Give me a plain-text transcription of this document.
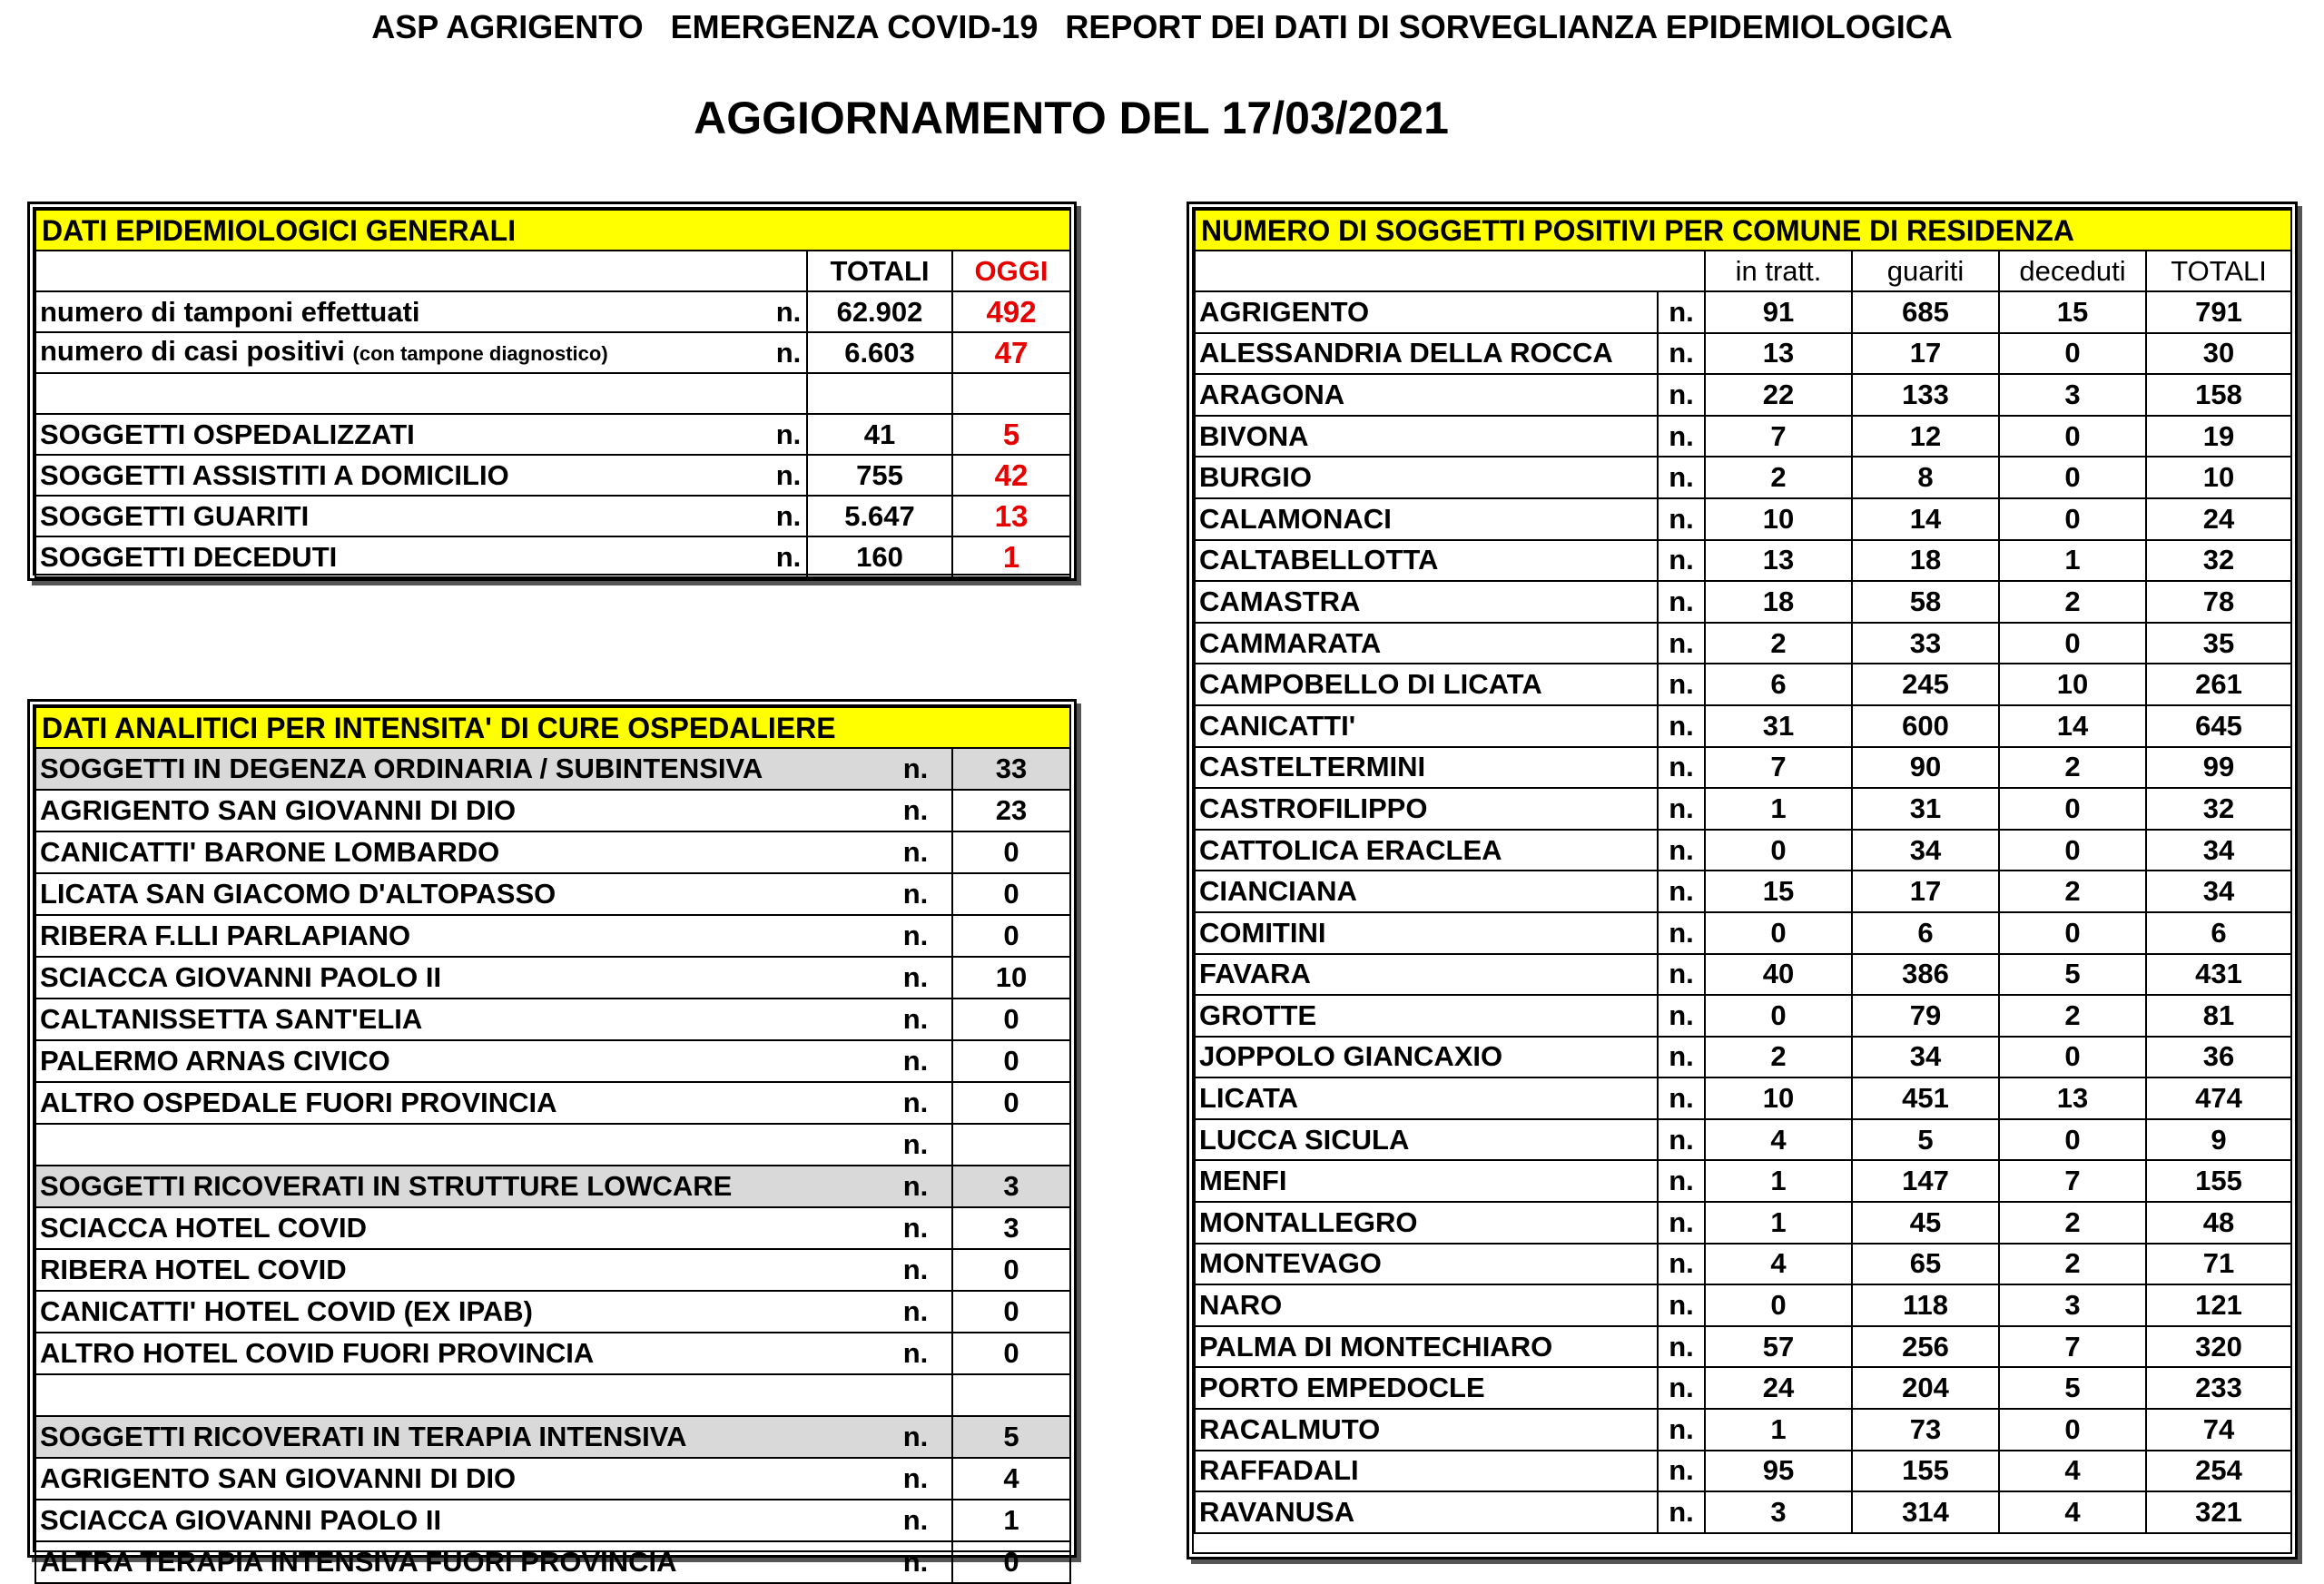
ASP AGRIGENTO   EMERGENZA COVID-19   REPORT DEI DATI DI SORVEGLIANZA EPIDEMIOLOGICA
AGGIORNAMENTO DEL 17/03/2021
DATI EPIDEMIOLOGICI GENERALI			
		TOTALI	OGGI
numero di tamponi effettuati	n.	62.902	492
numero di casi positivi (con tampone diagnostico)	n.	6.603	47

SOGGETTI OSPEDALIZZATI	n.	41	5
SOGGETTI ASSISTITI A DOMICILIO	n.	755	42
SOGGETTI GUARITI	n.	5.647	13
SOGGETTI DECEDUTI	n.	160	1
DATI ANALITICI PER INTENSITA' DI CURE OSPEDALIERE		
SOGGETTI IN DEGENZA ORDINARIA / SUBINTENSIVA	n.	33
AGRIGENTO SAN GIOVANNI DI DIO	n.	23
CANICATTI' BARONE LOMBARDO	n.	0
LICATA SAN GIACOMO D'ALTOPASSO	n.	0
RIBERA F.LLI PARLAPIANO	n.	0
SCIACCA GIOVANNI PAOLO II	n.	10
CALTANISSETTA SANT'ELIA	n.	0
PALERMO ARNAS CIVICO	n.	0
ALTRO OSPEDALE FUORI PROVINCIA	n.	0
	n.	
SOGGETTI RICOVERATI IN STRUTTURE LOWCARE	n.	3
SCIACCA HOTEL COVID	n.	3
RIBERA HOTEL COVID	n.	0
CANICATTI' HOTEL COVID (EX IPAB)	n.	0
ALTRO HOTEL COVID FUORI PROVINCIA	n.	0

SOGGETTI RICOVERATI IN TERAPIA INTENSIVA	n.	5
AGRIGENTO SAN GIOVANNI DI DIO	n.	4
SCIACCA GIOVANNI PAOLO II	n.	1
ALTRA TERAPIA INTENSIVA FUORI PROVINCIA	n.	0
NUMERO DI SOGGETTI POSITIVI PER COMUNE DI RESIDENZA					
		in tratt.	guariti	deceduti	TOTALI
AGRIGENTO	n.	91	685	15	791
ALESSANDRIA DELLA ROCCA	n.	13	17	0	30
ARAGONA	n.	22	133	3	158
BIVONA	n.	7	12	0	19
BURGIO	n.	2	8	0	10
CALAMONACI	n.	10	14	0	24
CALTABELLOTTA	n.	13	18	1	32
CAMASTRA	n.	18	58	2	78
CAMMARATA	n.	2	33	0	35
CAMPOBELLO DI LICATA	n.	6	245	10	261
CANICATTI'	n.	31	600	14	645
CASTELTERMINI	n.	7	90	2	99
CASTROFILIPPO	n.	1	31	0	32
CATTOLICA ERACLEA	n.	0	34	0	34
CIANCIANA	n.	15	17	2	34
COMITINI	n.	0	6	0	6
FAVARA	n.	40	386	5	431
GROTTE	n.	0	79	2	81
JOPPOLO GIANCAXIO	n.	2	34	0	36
LICATA	n.	10	451	13	474
LUCCA SICULA	n.	4	5	0	9
MENFI	n.	1	147	7	155
MONTALLEGRO	n.	1	45	2	48
MONTEVAGO	n.	4	65	2	71
NARO	n.	0	118	3	121
PALMA DI MONTECHIARO	n.	57	256	7	320
PORTO EMPEDOCLE	n.	24	204	5	233
RACALMUTO	n.	1	73	0	74
RAFFADALI	n.	95	155	4	254
RAVANUSA	n.	3	314	4	321
